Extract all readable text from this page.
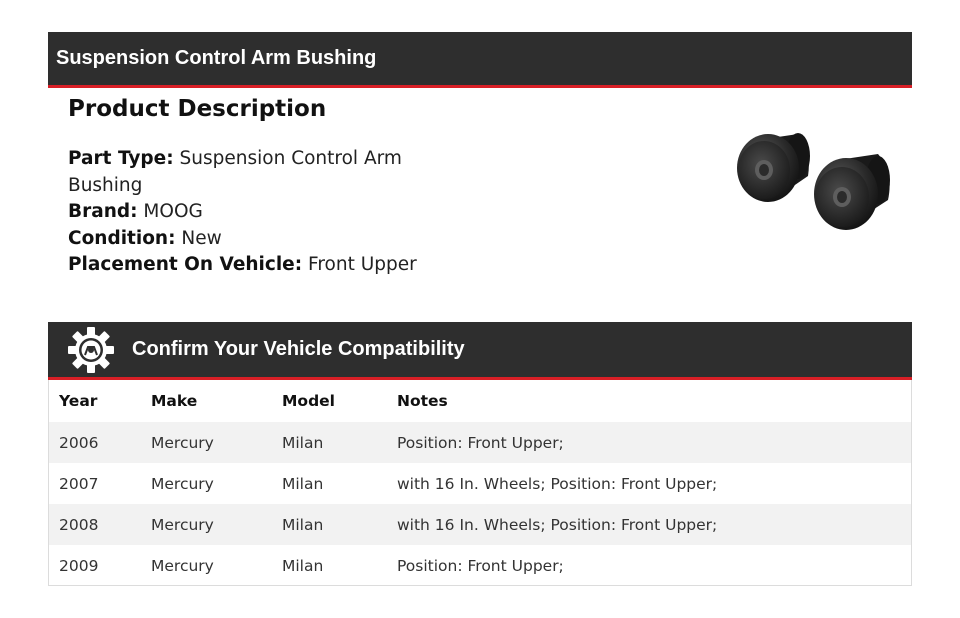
Suspension Control Arm Bushing
Product Description
Part Type: Suspension Control Arm Bushing
Brand: MOOG
Condition: New
Placement On Vehicle: Front Upper
Confirm Your Vehicle Compatibility
Year	Make	Model	Notes
2006	Mercury	Milan	Position: Front Upper;
2007	Mercury	Milan	with 16 In. Wheels; Position: Front Upper;
2008	Mercury	Milan	with 16 In. Wheels; Position: Front Upper;
2009	Mercury	Milan	Position: Front Upper;
